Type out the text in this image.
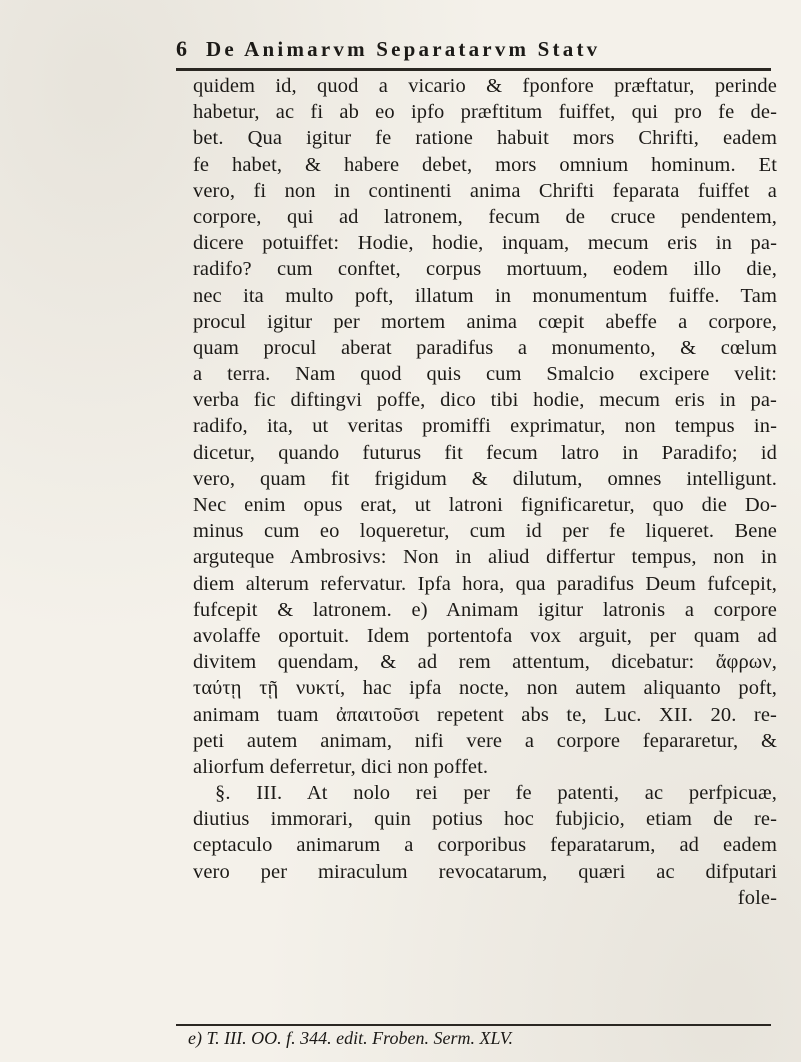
6 De Animarvm Separatarvm Statv
quidem id, quod a vicario & fponfore præftatur, perinde
habetur, ac fi ab eo ipfo præftitum fuiffet, qui pro fe de-
bet. Qua igitur fe ratione habuit mors Chrifti, eadem
fe habet, & habere debet, mors omnium hominum. Et
vero, fi non in continenti anima Chrifti feparata fuiffet a
corpore, qui ad latronem, fecum de cruce pendentem,
dicere potuiffet: Hodie, hodie, inquam, mecum eris in pa-
radifo? cum conftet, corpus mortuum, eodem illo die,
nec ita multo poft, illatum in monumentum fuiffe. Tam
procul igitur per mortem anima cœpit abeffe a corpore,
quam procul aberat paradifus a monumento, & cœlum
a terra. Nam quod quis cum Smalcio excipere velit:
verba fic diftingvi poffe, dico tibi hodie, mecum eris in pa-
radifo, ita, ut veritas promiffi exprimatur, non tempus in-
dicetur, quando futurus fit fecum latro in Paradifo; id
vero, quam fit frigidum & dilutum, omnes intelligunt.
Nec enim opus erat, ut latroni fignificaretur, quo die Do-
minus cum eo loqueretur, cum id per fe liqueret. Bene
arguteque Ambrosivs: Non in aliud differtur tempus, non in
diem alterum refervatur. Ipfa hora, qua paradifus Deum fufcepit,
fufcepit & latronem. e) Animam igitur latronis a corpore
avolaffe oportuit. Idem portentofa vox arguit, per quam ad
divitem quendam, & ad rem attentum, dicebatur: ἄφρων,
ταύτῃ τῇ νυκτί, hac ipfa nocte, non autem aliquanto poft,
animam tuam ἀπαιτοῦσι repetent abs te, Luc. XII. 20. re-
peti autem animam, nifi vere a corpore fepararetur, &
aliorfum deferretur, dici non poffet.
§. III. At nolo rei per fe patenti, ac perfpicuæ,
diutius immorari, quin potius hoc fubjicio, etiam de re-
ceptaculo animarum a corporibus feparatarum, ad eadem
vero per miraculum revocatarum, quæri ac difputari
fole-
e) T. III. OO. f. 344. edit. Froben. Serm. XLV.
